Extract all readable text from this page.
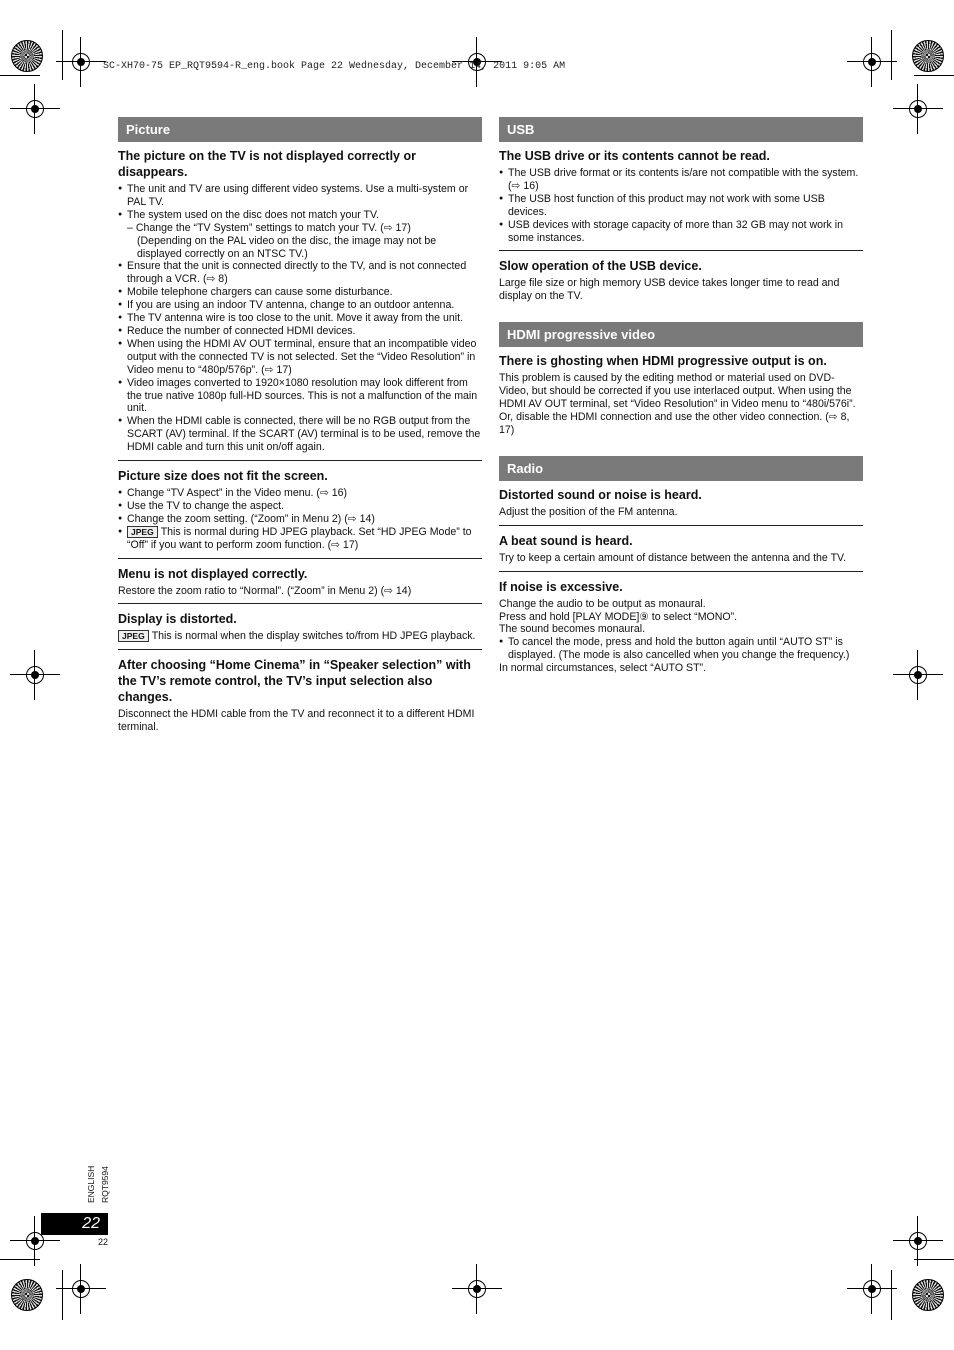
SC-XH70-75 EP_RQT9594-R_eng.book Page 22 Wednesday, December 14, 2011 9:05 AM
Picture
The picture on the TV is not displayed correctly or disappears.
● The unit and TV are using different video systems. Use a multi-system or PAL TV.
● The system used on the disc does not match your TV.
– Change the “TV System” settings to match your TV. (⇨ 17)
(Depending on the PAL video on the disc, the image may not be displayed correctly on an NTSC TV.)
● Ensure that the unit is connected directly to the TV, and is not connected through a VCR. (⇨ 8)
● Mobile telephone chargers can cause some disturbance.
● If you are using an indoor TV antenna, change to an outdoor antenna.
● The TV antenna wire is too close to the unit. Move it away from the unit.
● Reduce the number of connected HDMI devices.
● When using the HDMI AV OUT terminal, ensure that an incompatible video output with the connected TV is not selected. Set the “Video Resolution” in Video menu to “480p/576p”. (⇨ 17)
● Video images converted to 1920×1080 resolution may look different from the true native 1080p full-HD sources. This is not a malfunction of the main unit.
● When the HDMI cable is connected, there will be no RGB output from the SCART (AV) terminal. If the SCART (AV) terminal is to be used, remove the HDMI cable and turn this unit on/off again.
Picture size does not fit the screen.
● Change “TV Aspect” in the Video menu. (⇨ 16)
● Use the TV to change the aspect.
● Change the zoom setting. (“Zoom” in Menu 2) (⇨ 14)
● JPEG This is normal during HD JPEG playback. Set “HD JPEG Mode” to “Off” if you want to perform zoom function. (⇨ 17)
Menu is not displayed correctly.

Restore the zoom ratio to “Normal”. (“Zoom” in Menu 2) (⇨ 14)

Display is distorted.

JPEG This is normal when the display switches to/from HD JPEG playback.

After choosing “Home Cinema” in “Speaker selection” with the TV’s remote control, the TV’s input selection also changes.

Disconnect the HDMI cable from the TV and reconnect it to a different HDMI terminal.

USB
The USB drive or its contents cannot be read.
● The USB drive format or its contents is/are not compatible with the system. (⇨ 16)
● The USB host function of this product may not work with some USB devices.
● USB devices with storage capacity of more than 32 GB may not work in some instances.
Slow operation of the USB device.

Large file size or high memory USB device takes longer time to read and display on the TV.

HDMI progressive video
There is ghosting when HDMI progressive output is on.

This problem is caused by the editing method or material used on DVD-Video, but should be corrected if you use interlaced output. When using the HDMI AV OUT terminal, set “Video Resolution” in Video menu to “480i/576i”. Or, disable the HDMI connection and use the other video connection. (⇨ 8, 17)

Radio
Distorted sound or noise is heard.

Adjust the position of the FM antenna.

A beat sound is heard.

Try to keep a certain amount of distance between the antenna and the TV.

If noise is excessive.

Change the audio to be output as monaural.

Press and hold [PLAY MODE]⑨ to select “MONO”.

The sound becomes monaural.

● To cancel the mode, press and hold the button again until “AUTO ST” is displayed. (The mode is also cancelled when you change the frequency.)

In normal circumstances, select “AUTO ST”.

ENGLISH RQT9594
22
22
